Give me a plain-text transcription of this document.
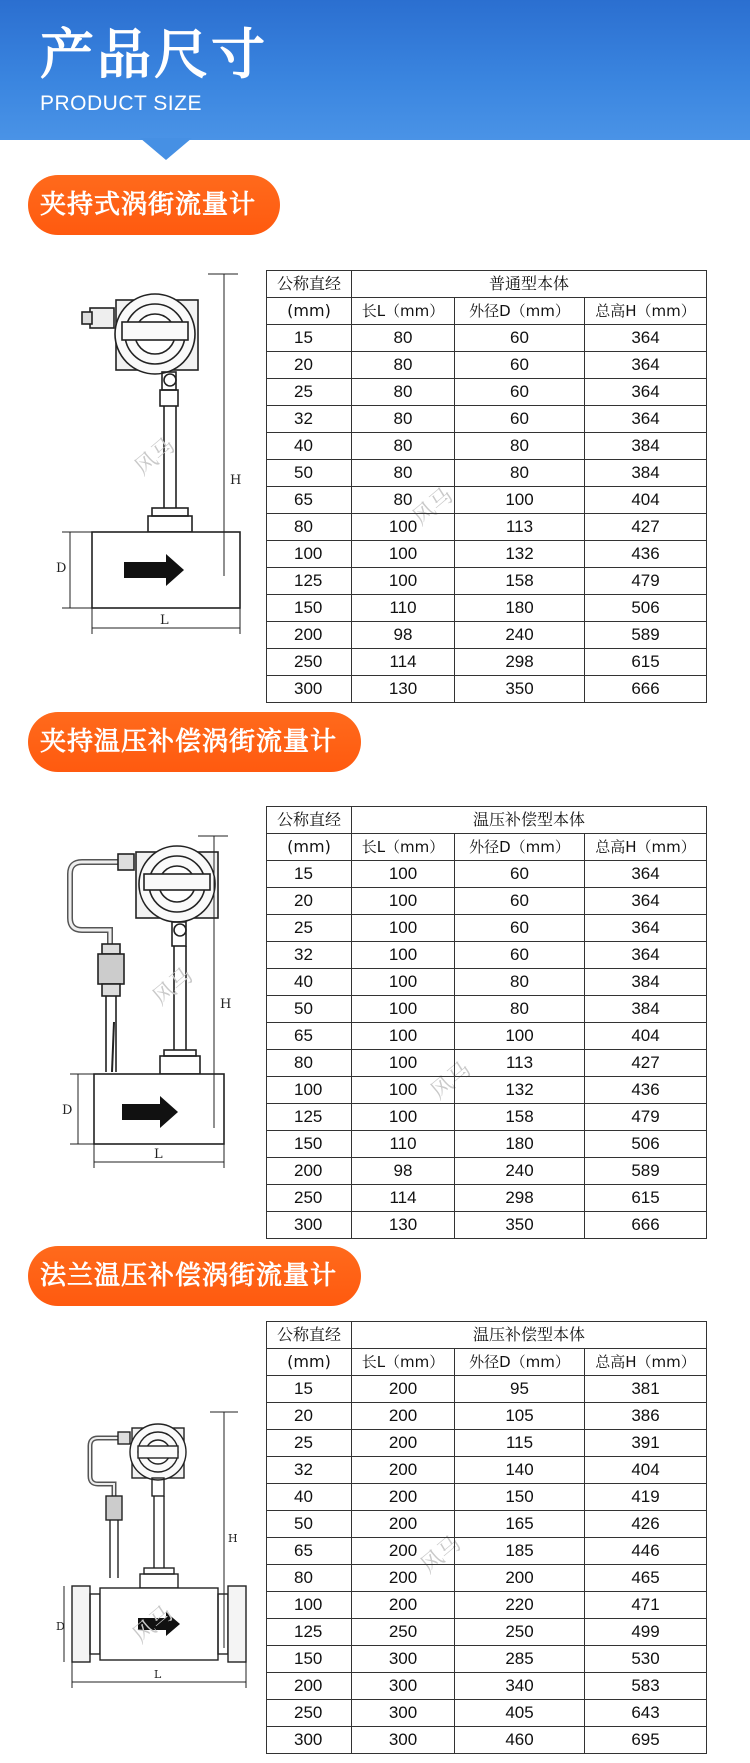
产品尺寸
PRODUCT SIZE
夹持式涡街流量计
H
D
L
风马
风马
公称直经	普通型本体		
(mm)	长L（mm）	外径D（mm）	总高H（mm）
15	80	60	364
20	80	60	364
25	80	60	364
32	80	60	364
40	80	80	384
50	80	80	384
65	80	100	404
80	100	113	427
100	100	132	436
125	100	158	479
150	110	180	506
200	98	240	589
250	114	298	615
300	130	350	666
夹持温压补偿涡街流量计
H
D
L
风马
风马
公称直经	温压补偿型本体		
(mm)	长L（mm）	外径D（mm）	总高H（mm）
15	100	60	364
20	100	60	364
25	100	60	364
32	100	60	364
40	100	80	384
50	100	80	384
65	100	100	404
80	100	113	427
100	100	132	436
125	100	158	479
150	110	180	506
200	98	240	589
250	114	298	615
300	130	350	666
法兰温压补偿涡街流量计
H
D
L
风马
风马
公称直经	温压补偿型本体		
(mm)	长L（mm）	外径D（mm）	总高H（mm）
15	200	95	381
20	200	105	386
25	200	115	391
32	200	140	404
40	200	150	419
50	200	165	426
65	200	185	446
80	200	200	465
100	200	220	471
125	250	250	499
150	300	285	530
200	300	340	583
250	300	405	643
300	300	460	695
